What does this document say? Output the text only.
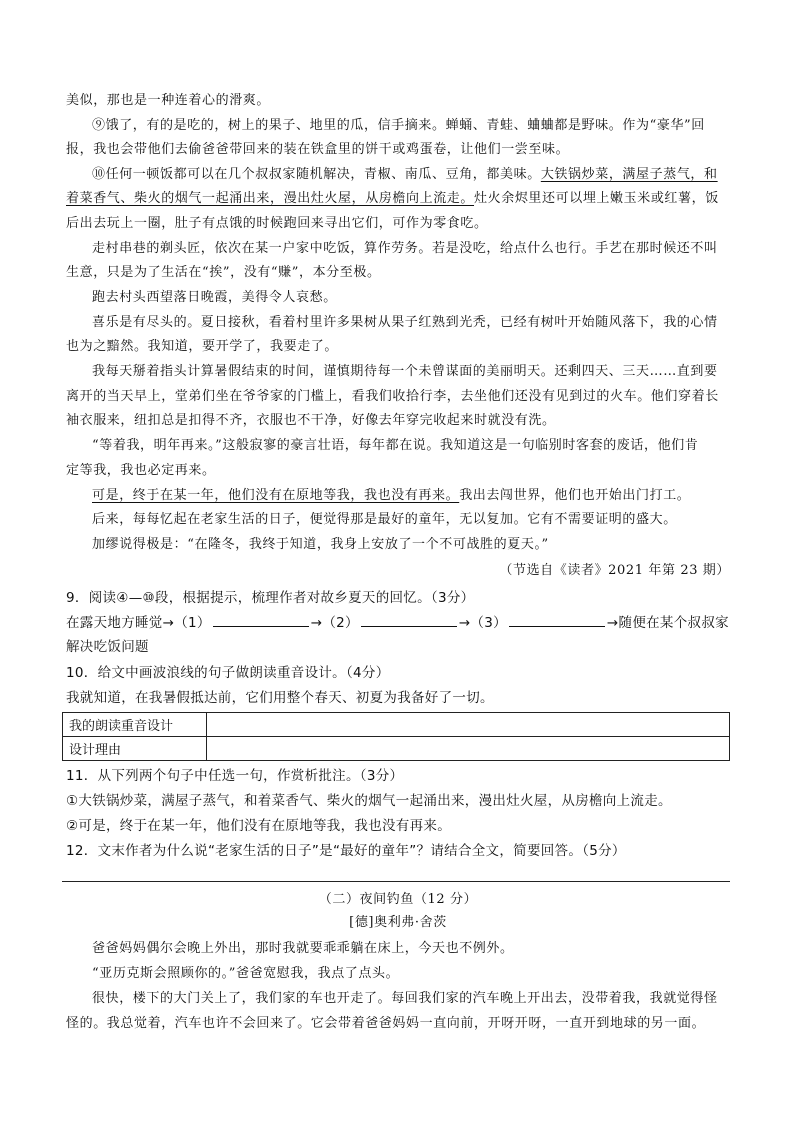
美似，那也是一种连着心的滑爽。
⑨饿了，有的是吃的，树上的果子、地里的瓜，信手摘来。蝉蛹、青蛙、蛐蛐都是野味。作为“豪华”回
报，我也会带他们去偷爸爸带回来的装在铁盒里的饼干或鸡蛋卷，让他们一尝至味。
⑩任何一顿饭都可以在几个叔叔家随机解决，青椒、南瓜、豆角，都美味。大铁锅炒菜，满屋子蒸气，和
着菜香气、柴火的烟气一起涌出来，漫出灶火屋，从房檐向上流走。灶火余烬里还可以埋上嫩玉米或红薯，饭
后出去玩上一圈，肚子有点饿的时候跑回来寻出它们，可作为零食吃。
走村串巷的剃头匠，依次在某一户家中吃饭，算作劳务。若是没吃，给点什么也行。手艺在那时候还不叫
生意，只是为了生活在“挨”，没有“赚”，本分至极。
跑去村头西望落日晚霞，美得令人哀愁。
喜乐是有尽头的。夏日接秋，看着村里许多果树从果子红熟到光秃，已经有树叶开始随风落下，我的心情
也为之黯然。我知道，要开学了，我要走了。
我每天掰着指头计算暑假结束的时间，谨慎期待每一个未曾谋面的美丽明天。还剩四天、三天……直到要
离开的当天早上，堂弟们坐在爷爷家的门槛上，看我们收拾行李，去坐他们还没有见到过的火车。他们穿着长
袖衣服来，纽扣总是扣得不齐，衣服也不干净，好像去年穿完收起来时就没有洗。
“等着我，明年再来。”这般寂寥的豪言壮语，每年都在说。我知道这是一句临别时客套的废话，他们肯
定等我，我也必定再来。
可是，终于在某一年，他们没有在原地等我，我也没有再来。我出去闯世界，他们也开始出门打工。
后来，每每忆起在老家生活的日子，便觉得那是最好的童年，无以复加。它有不需要证明的盛大。
加缪说得极是：“在隆冬，我终于知道，我身上安放了一个不可战胜的夏天。”
（节选自《读者》2021 年第 23 期）
9．阅读④—⑩段，根据提示，梳理作者对故乡夏天的回忆。（3分）
在露天地方睡觉→（1）	→（2）	→（3）	→随便在某个叔叔家
解决吃饭问题
10．给文中画波浪线的句子做朗读重音设计。（4分）
我就知道，在我暑假抵达前，它们用整个春天、初夏为我备好了一切。
我的朗读重音设计	
设计理由	
11．从下列两个句子中任选一句，作赏析批注。（3分）
①大铁锅炒菜，满屋子蒸气，和着菜香气、柴火的烟气一起涌出来，漫出灶火屋，从房檐向上流走。
②可是，终于在某一年，他们没有在原地等我，我也没有再来。
12．文末作者为什么说“老家生活的日子”是“最好的童年”？请结合全文，简要回答。（5分）
（二）夜间钓鱼（12 分）
[德]奥利弗·舍茨
爸爸妈妈偶尔会晚上外出，那时我就要乖乖躺在床上，今天也不例外。
“亚历克斯会照顾你的。”爸爸宽慰我，我点了点头。
很快，楼下的大门关上了，我们家的车也开走了。每回我们家的汽车晚上开出去，没带着我，我就觉得怪
怪的。我总觉着，汽车也许不会回来了。它会带着爸爸妈妈一直向前，开呀开呀，一直开到地球的另一面。
